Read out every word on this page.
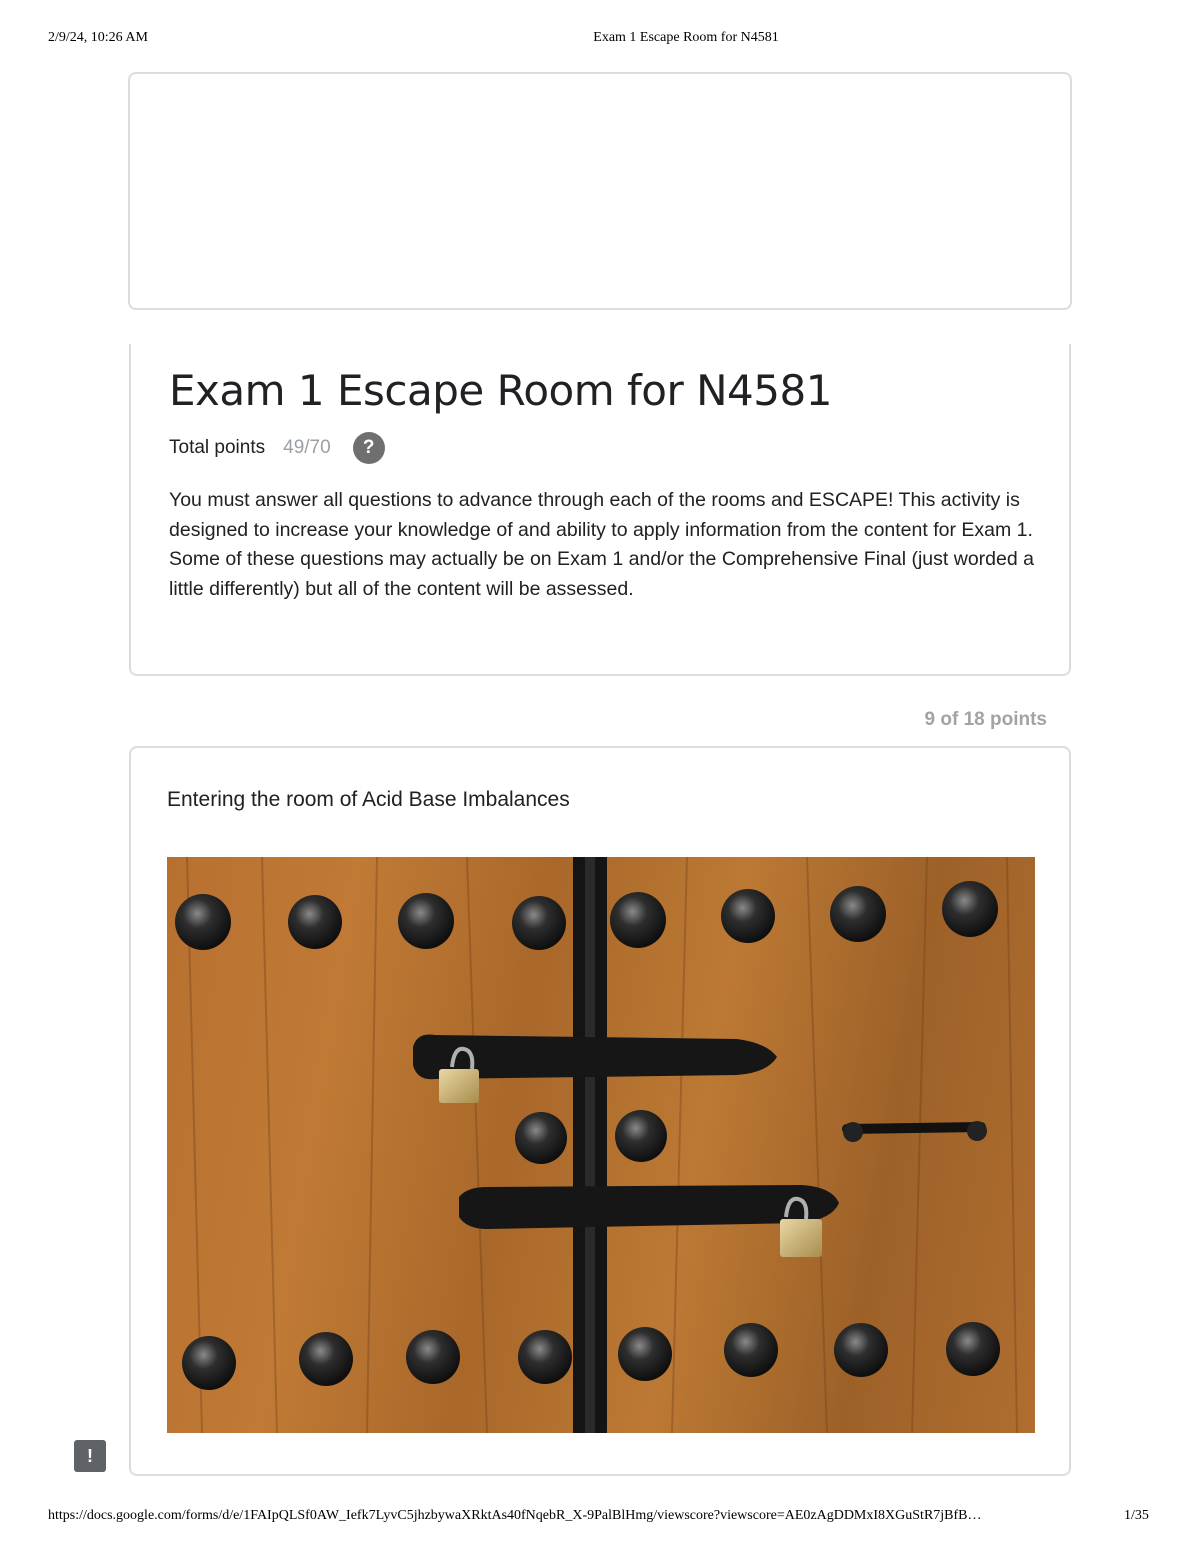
2/9/24, 10:26 AM	Exam 1 Escape Room for N4581
Exam 1 Escape Room for N4581
Total points 49/70	?

You must answer all questions to advance through each of the rooms and ESCAPE! This activity is designed to increase your knowledge of and ability to apply information from the content for Exam 1.

Some of these questions may actually be on Exam 1 and/or the Comprehensive Final (just worded a little differently) but all of the content will be assessed.

9 of 18 points
Entering the room of Acid Base Imbalances
!
https://docs.google.com/forms/d/e/1FAIpQLSf0AW_Iefk7LyvC5jhzbywaXRktAs40fNqebR_X-9PalBlHmg/viewscore?viewscore=AE0zAgDDMxI8XGuStR7jBfB…	1/35
